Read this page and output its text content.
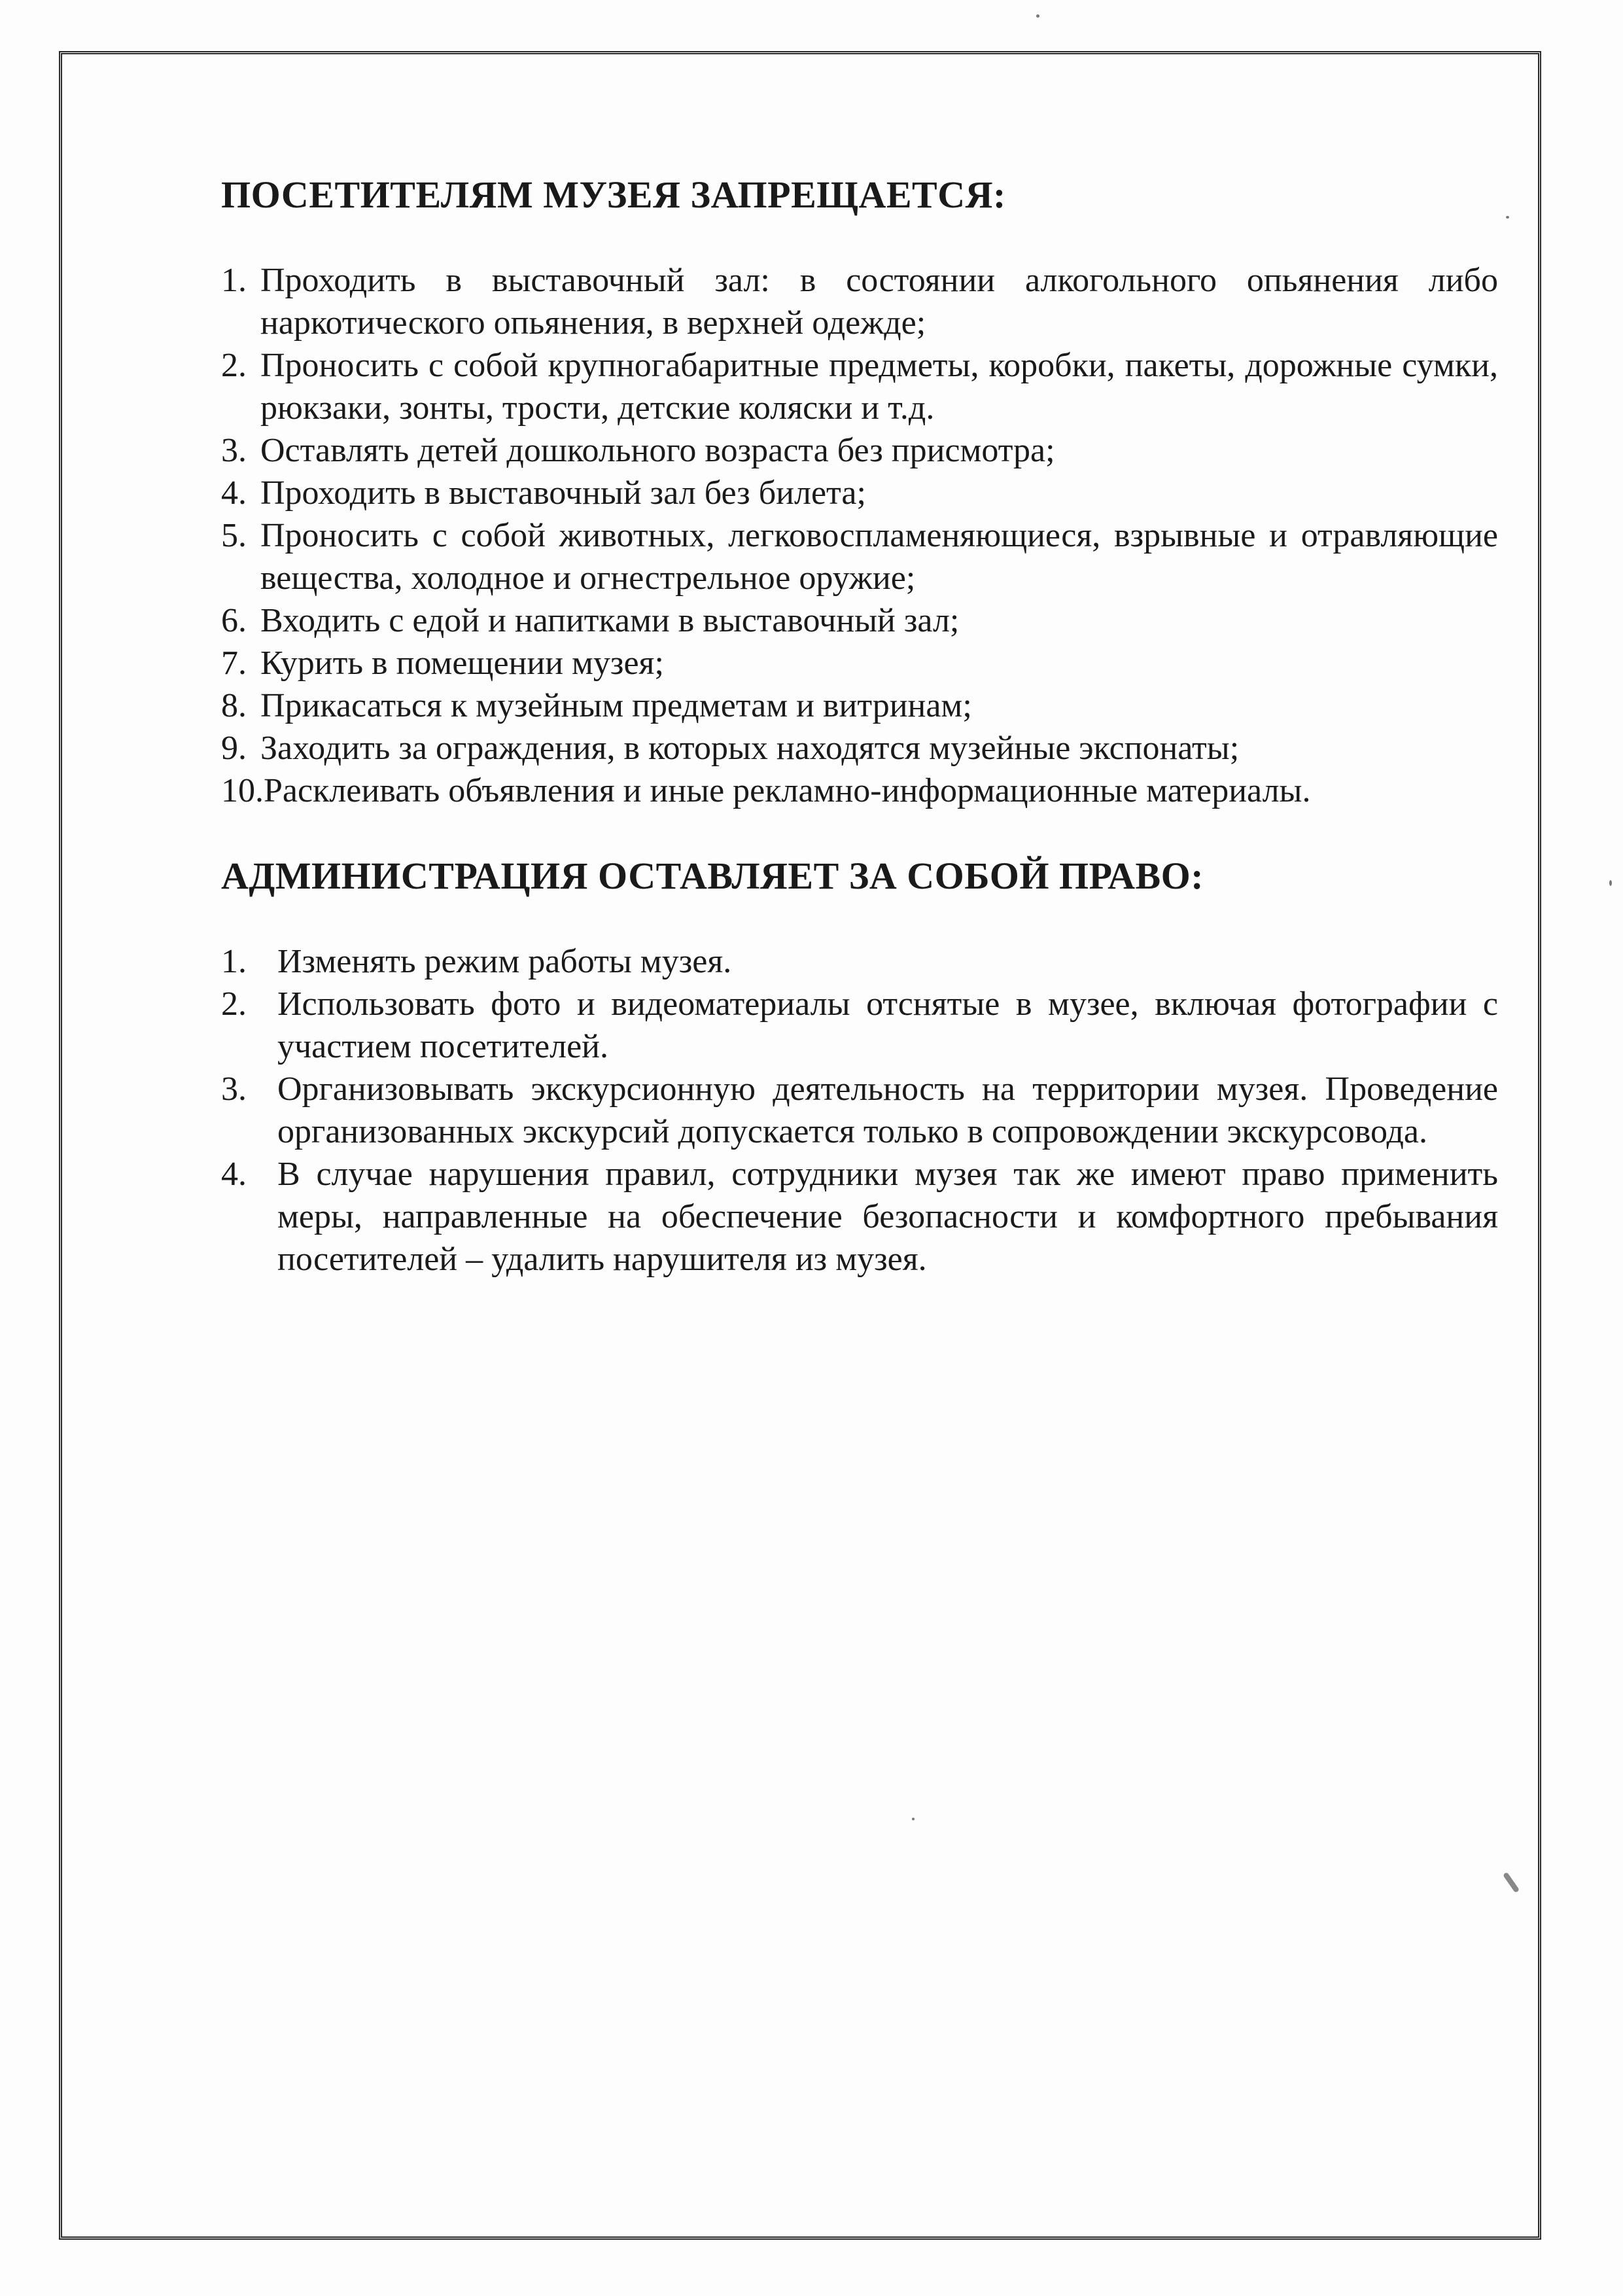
ПОСЕТИТЕЛЯМ МУЗЕЯ ЗАПРЕЩАЕТСЯ:
1. Проходить в выставочный зал: в состоянии алкогольного опьянения либо наркотического опьянения, в верхней одежде;
2. Проносить с собой крупногабаритные предметы, коробки, пакеты, дорожные сумки, рюкзаки, зонты, трости, детские коляски и т.д.
3. Оставлять детей дошкольного возраста без присмотра;
4. Проходить в выставочный зал без билета;
5. Проносить с собой животных, легковоспламеняющиеся, взрывные и отравляющие вещества, холодное и огнестрельное оружие;
6. Входить с едой и напитками в выставочный зал;
7. Курить в помещении музея;
8. Прикасаться к музейным предметам и витринам;
9. Заходить за ограждения, в которых находятся музейные экспонаты;
10. Расклеивать объявления и иные рекламно-информационные материалы.
АДМИНИСТРАЦИЯ ОСТАВЛЯЕТ ЗА СОБОЙ ПРАВО:
1. Изменять режим работы музея.
2. Использовать фото и видеоматериалы отснятые в музее, включая фотографии с участием посетителей.
3. Организовывать экскурсионную деятельность на территории музея. Проведение организованных экскурсий допускается только в сопровождении экскурсовода.
4. В случае нарушения правил, сотрудники музея так же имеют право применить меры, направленные на обеспечение безопасности и комфортного пребывания посетителей – удалить нарушителя из музея.
